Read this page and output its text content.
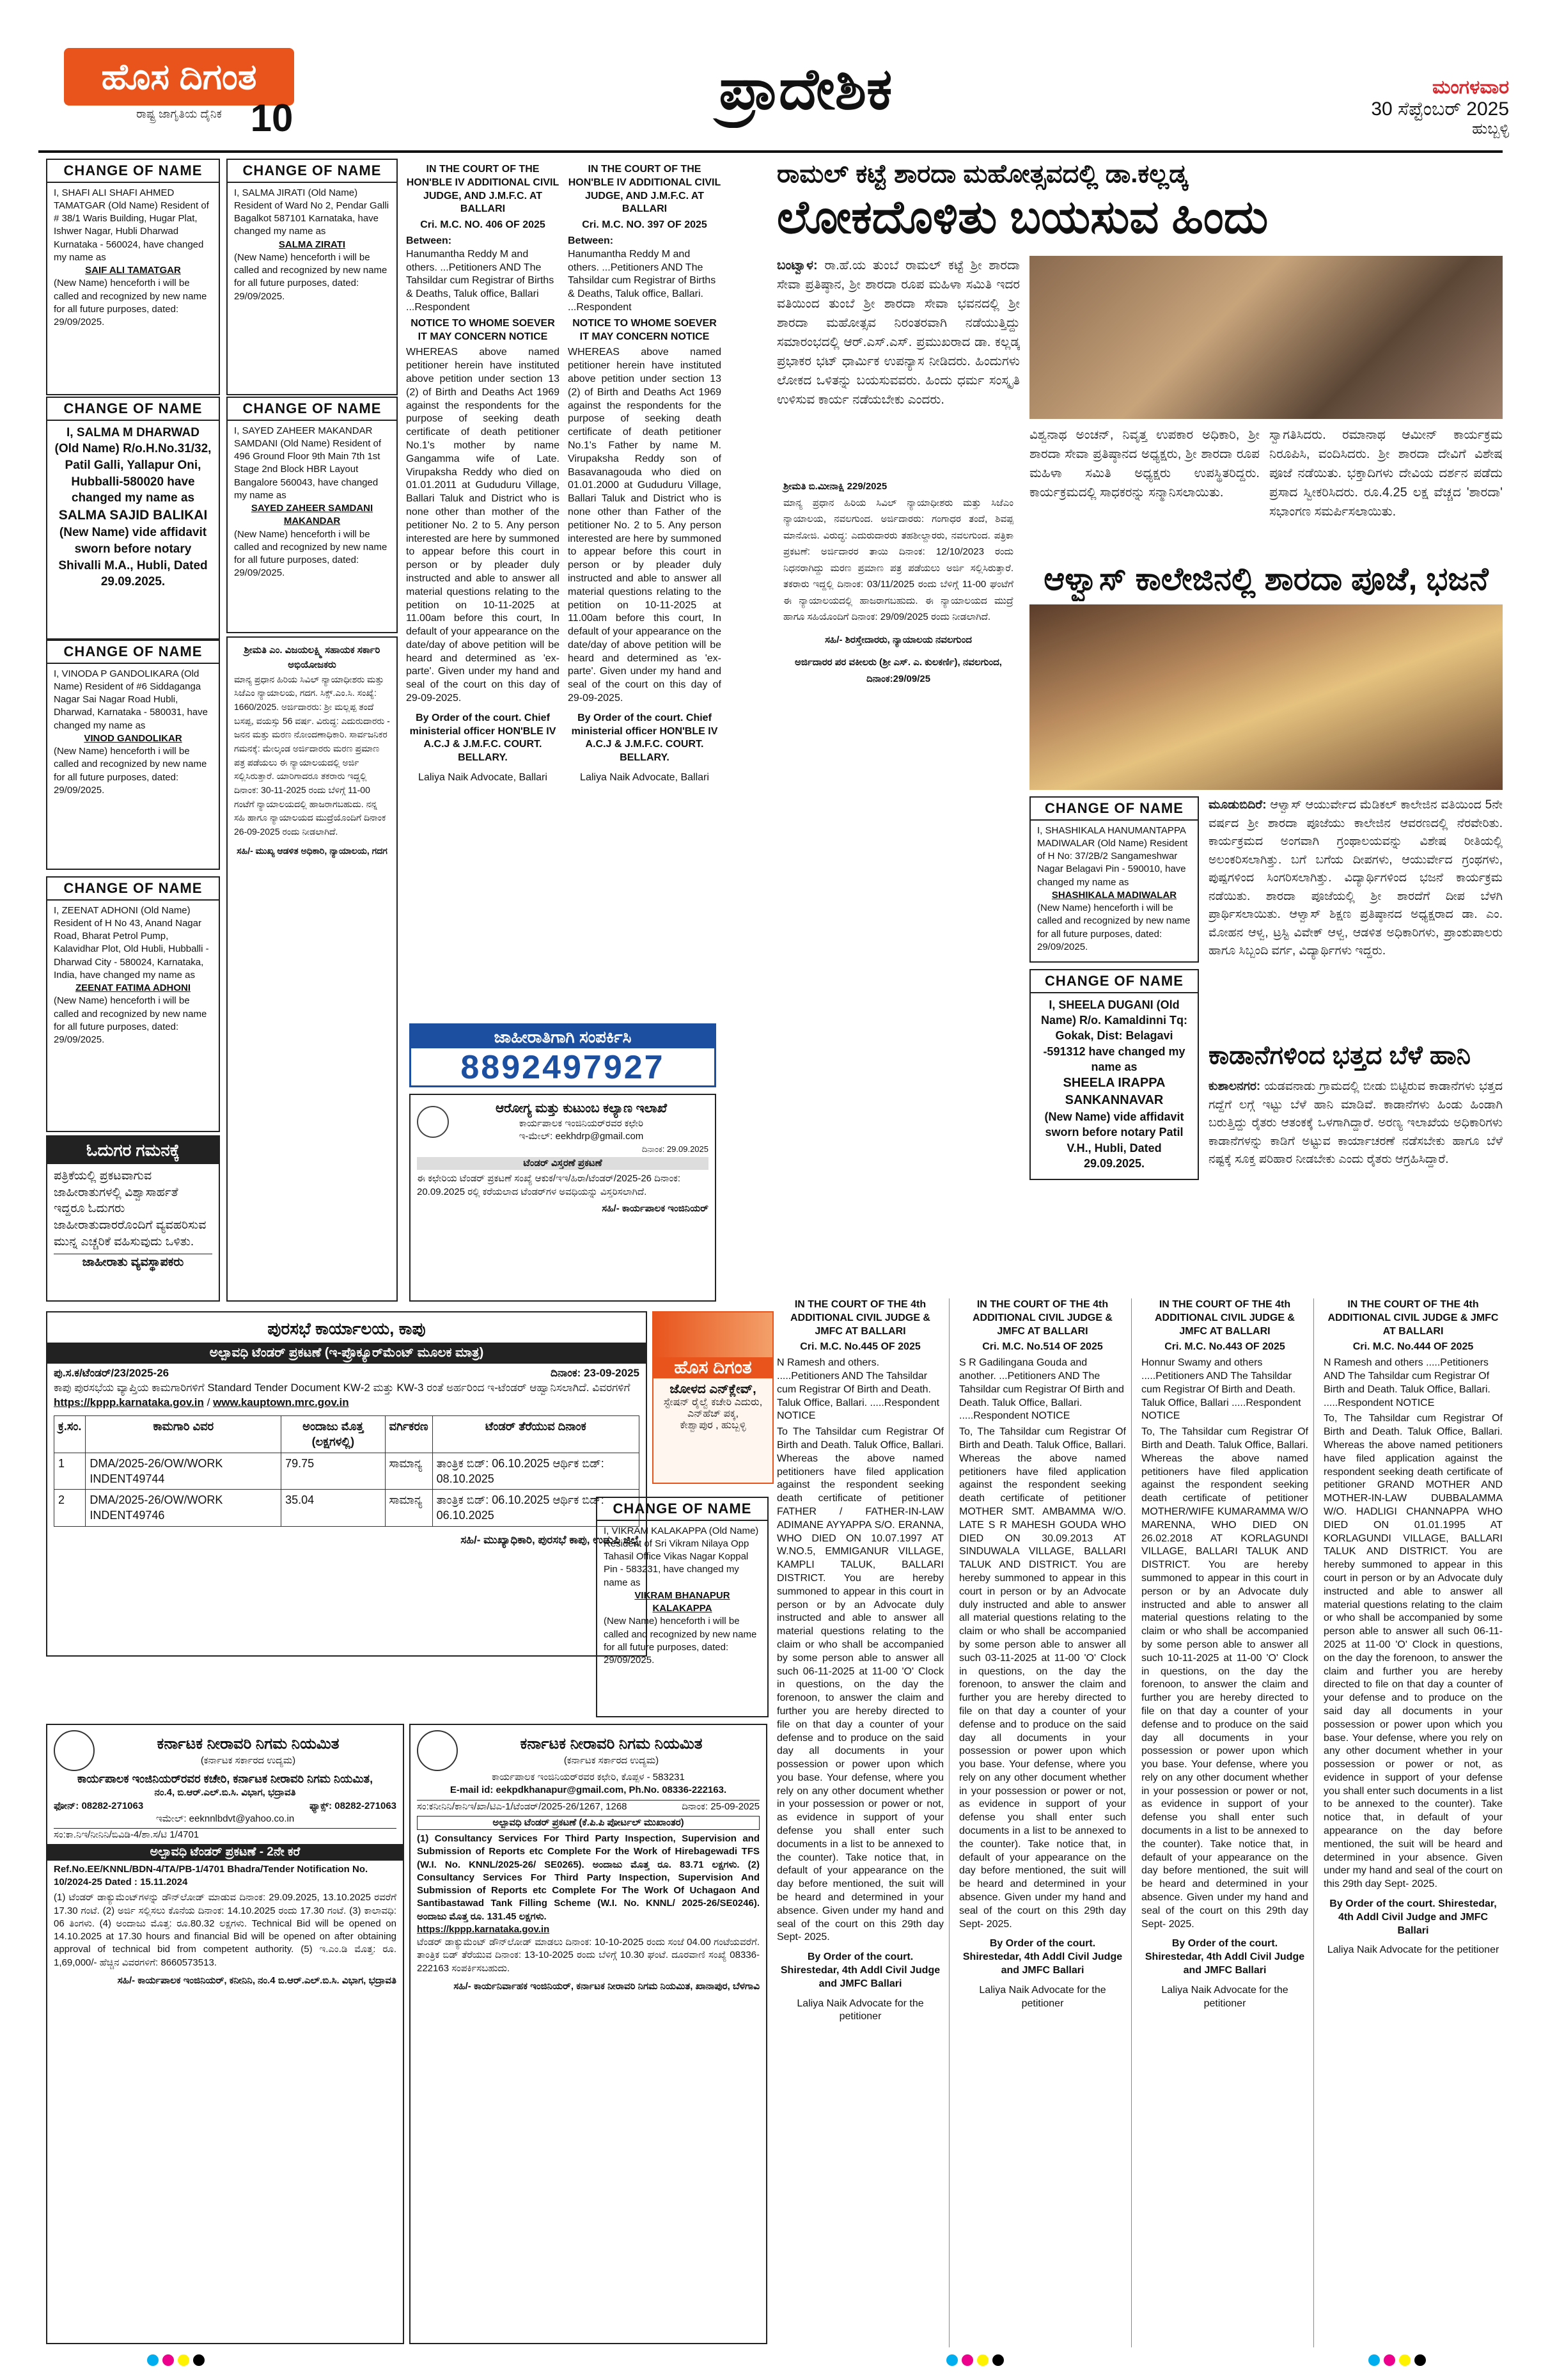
ಹೊಸ ದಿಗಂತ
ರಾಷ್ಟ್ರ ಜಾಗೃತಿಯ ದೈನಿಕ 10	ಪ್ರಾದೇಶಿಕ	ಮಂಗಳವಾರ
30 ಸೆಪ್ಟೆಂಬರ್ 2025
ಹುಬ್ಬಳ್ಳಿ
CHANGE OF NAME
I, SHAFI ALI SHAFI AHMED TAMATGAR (Old Name) Resident of # 38/1 Waris Building, Hugar Plat, Ishwer Nagar, Hubli Dharwad Kurnataka - 560024, have changed my name as
SAIF ALI TAMATGAR
(New Name) henceforth i will be called and recognized by new name for all future purposes, dated: 29/09/2025.
CHANGE OF NAME
I, SALMA M DHARWAD (Old Name) R/o.H.No.31/32, Patil Galli, Yallapur Oni, Hubballi-580020 have changed my name as
SALMA SAJID BALIKAI
(New Name) vide affidavit sworn before notary Shivalli M.A., Hubli, Dated 29.09.2025.
CHANGE OF NAME
I, VINODA P GANDOLIKARA (Old Name) Resident of #6 Siddaganga Nagar Sai Nagar Road Hubli, Dharwad, Karnataka - 580031, have changed my name as
VINOD GANDOLIKAR
(New Name) henceforth i will be called and recognized by new name for all future purposes, dated: 29/09/2025.
CHANGE OF NAME
I, ZEENAT ADHONI (Old Name) Resident of H No 43, Anand Nagar Road, Bharat Petrol Pump, Kalavidhar Plot, Old Hubli, Hubballi - Dharwad City - 580024, Karnataka, India, have changed my name as
ZEENAT FATIMA ADHONI
(New Name) henceforth i will be called and recognized by new name for all future purposes, dated: 29/09/2025.
ಓದುಗರ ಗಮನಕ್ಕೆ
ಪತ್ರಿಕೆಯಲ್ಲಿ ಪ್ರಕಟವಾಗುವ ಜಾಹೀರಾತುಗಳಲ್ಲಿ ವಿಶ್ವಾಸಾರ್ಹತೆ ಇದ್ದರೂ ಓದುಗರು ಜಾಹೀರಾತುದಾರರೊಂದಿಗೆ ವ್ಯವಹರಿಸುವ ಮುನ್ನ ಎಚ್ಚರಿಕೆ ವಹಿಸುವುದು ಒಳಿತು.
ಜಾಹೀರಾತು ವ್ಯವಸ್ಥಾಪಕರು
CHANGE OF NAME
I, SALMA JIRATI (Old Name) Resident of Ward No 2, Pendar Galli Bagalkot 587101 Karnataka, have changed my name as
SALMA ZIRATI
(New Name) henceforth i will be called and recognized by new name for all future purposes, dated: 29/09/2025.
CHANGE OF NAME
I, SAYED ZAHEER MAKANDAR SAMDANI (Old Name) Resident of 496 Ground Floor 9th Main 7th 1st Stage 2nd Block HBR Layout Bangalore 560043, have changed my name as
SAYED ZAHEER SAMDANI MAKANDAR
(New Name) henceforth i will be called and recognized by new name for all future purposes, dated: 29/09/2025.
ಶ್ರೀಮತಿ ಎಂ. ವಿಜಯಲಕ್ಷ್ಮಿ ಸಹಾಯಕ ಸರ್ಕಾರಿ ಅಭಿಯೋಜಕರು
ಮಾನ್ಯ ಪ್ರಧಾನ ಹಿರಿಯ ಸಿವಿಲ್ ನ್ಯಾಯಾಧೀಶರು ಮತ್ತು ಸಿಜೆಎಂ ನ್ಯಾಯಾಲಯ, ಗದಗ. ಸಿಕ್ಸ್.ಎಂ.ಸಿ. ಸಂಖ್ಯೆ: 1660/2025. ಅರ್ಜಿದಾರರು: ಶ್ರೀ ಮಲ್ಲಪ್ಪ ತಂದೆ ಬಸಪ್ಪ, ವಯಸ್ಸು 56 ವರ್ಷ. ವಿರುದ್ಧ: ಎದುರುದಾರರು - ಜನನ ಮತ್ತು ಮರಣ ನೋಂದಣಾಧಿಕಾರಿ. ಸಾರ್ವಜನಿಕರ ಗಮನಕ್ಕೆ: ಮೇಲ್ಕಂಡ ಅರ್ಜಿದಾರರು ಮರಣ ಪ್ರಮಾಣ ಪತ್ರ ಪಡೆಯಲು ಈ ನ್ಯಾಯಾಲಯದಲ್ಲಿ ಅರ್ಜಿ ಸಲ್ಲಿಸಿರುತ್ತಾರೆ. ಯಾರಿಗಾದರೂ ತಕರಾರು ಇದ್ದಲ್ಲಿ ದಿನಾಂಕ: 30-11-2025 ರಂದು ಬೆಳಿಗ್ಗೆ 11-00 ಗಂಟೆಗೆ ನ್ಯಾಯಾಲಯದಲ್ಲಿ ಹಾಜರಾಗಬಹುದು. ನನ್ನ ಸಹಿ ಹಾಗೂ ನ್ಯಾಯಾಲಯದ ಮುದ್ರೆಯೊಂದಿಗೆ ದಿನಾಂಕ 26-09-2025 ರಂದು ನೀಡಲಾಗಿದೆ.
ಸಹಿ/- ಮುಖ್ಯ ಆಡಳಿತ ಅಧಿಕಾರಿ, ನ್ಯಾಯಾಲಯ, ಗದಗ
IN THE COURT OF THE HON'BLE IV ADDITIONAL CIVIL JUDGE, AND J.M.F.C. AT BALLARI
Cri. M.C. NO. 406 OF 2025
Between:
Hanumantha Reddy M and others. ...Petitioners AND The Tahsildar cum Registrar of Births & Deaths, Taluk office, Ballari ...Respondent
NOTICE TO WHOME SOEVER IT MAY CONCERN NOTICE
WHEREAS above named petitioner herein have instituted above petition under section 13 (2) of Birth and Deaths Act 1969 against the respondents for the purpose of seeking death certificate of death petitioner No.1's mother by name Gangamma wife of Late. Virupaksha Reddy who died on 01.01.2011 at Gududuru Village, Ballari Taluk and District who is none other than mother of the petitioner No. 2 to 5. Any person interested are here by summoned to appear before this court in person or by pleader duly instructed and able to answer all material questions relating to the petition on 10-11-2025 at 11.00am before this court, In default of your appearance on the date/day of above petition will be heard and determined as 'ex-parte'. Given under my hand and seal of the court on this day of 29-09-2025.
By Order of the court. Chief ministerial officer HON'BLE IV A.C.J & J.M.F.C. COURT. BELLARY.
Laliya Naik Advocate, Ballari
IN THE COURT OF THE HON'BLE IV ADDITIONAL CIVIL JUDGE, AND J.M.F.C. AT BALLARI
Cri. M.C. NO. 397 OF 2025
Between:
Hanumantha Reddy M and others. ...Petitioners AND The Tahsildar cum Registrar of Births & Deaths, Taluk office, Ballari. ...Respondent
NOTICE TO WHOME SOEVER IT MAY CONCERN NOTICE
WHEREAS above named petitioner herein have instituted above petition under section 13 (2) of Birth and Deaths Act 1969 against the respondents for the purpose of seeking death certificate of death petitioner No.1's Father by name M. Virupaksha Reddy son of Basavanagouda who died on 01.01.2000 at Gududuru Village, Ballari Taluk and District who is none other than Father of the petitioner No. 2 to 5. Any person interested are here by summoned to appear before this court in person or by pleader duly instructed and able to answer all material questions relating to the petition on 10-11-2025 at 11.00am before this court, In default of your appearance on the date/day of above petition will be heard and determined as 'ex-parte'. Given under my hand and seal of the court on this day of 29-09-2025.
By Order of the court. Chief ministerial officer HON'BLE IV A.C.J & J.M.F.C. COURT. BELLARY.
Laliya Naik Advocate, Ballari
ಜಾಹೀರಾತಿಗಾಗಿ ಸಂಪರ್ಕಿಸಿ
8892497927
ಆರೋಗ್ಯ ಮತ್ತು ಕುಟುಂಬ ಕಲ್ಯಾಣ ಇಲಾಖೆ
ಕಾರ್ಯಪಾಲಕ ಇಂಜಿನಿಯರ್‌ರವರ ಕಛೇರಿ
ಇ-ಮೇಲ್: eekhdrp@gmail.com
ದಿನಾಂಕ: 29.09.2025
ಟೆಂಡರ್ ವಿಸ್ತರಣೆ ಪ್ರಕಟಣೆ
ಈ ಕಛೇರಿಯ ಟೆಂಡರ್ ಪ್ರಕಟಣೆ ಸಂಖ್ಯೆ ಆಕುಕ/ಇಇ/ಹಿರಾ/ಟೆಂಡರ್/2025-26 ದಿನಾಂಕ: 20.09.2025 ರಲ್ಲಿ ಕರೆಯಲಾದ ಟೆಂಡರ್‌ಗಳ ಅವಧಿಯನ್ನು ವಿಸ್ತರಿಸಲಾಗಿದೆ.
ಸಹಿ/- ಕಾರ್ಯಪಾಲಕ ಇಂಜಿನಿಯರ್
ಪುರಸಭೆ ಕಾರ್ಯಾಲಯ, ಕಾಪು
ಅಲ್ಪಾವಧಿ ಟೆಂಡರ್ ಪ್ರಕಟಣೆ (ಇ-ಪ್ರೊಕ್ಯೂರ್‌ಮೆಂಟ್ ಮೂಲಕ ಮಾತ್ರ)
ಪು.ಸ.ಕ/ಟೆಂಡರ್/23/2025-26	ದಿನಾಂಕ: 23-09-2025
ಕಾಪು ಪುರಸಭೆಯ ವ್ಯಾಪ್ತಿಯ ಕಾಮಗಾರಿಗಳಿಗೆ Standard Tender Document KW-2 ಮತ್ತು KW-3 ರಂತೆ ಅರ್ಹರಿಂದ ಇ-ಟೆಂಡರ್ ಆಹ್ವಾನಿಸಲಾಗಿದೆ. ವಿವರಗಳಿಗೆ https://kppp.karnataka.gov.in / www.kauptown.mrc.gov.in
ಕ್ರ.ಸಂ.	ಕಾಮಗಾರಿ ವಿವರ	ಅಂದಾಜು ಮೊತ್ತ (ಲಕ್ಷಗಳಲ್ಲಿ)	ವರ್ಗಿಕರಣ	ಟೆಂಡರ್ ತೆರೆಯುವ ದಿನಾಂಕ
1	DMA/2025-26/OW/WORK INDENT49744	79.75	ಸಾಮಾನ್ಯ	ತಾಂತ್ರಿಕ ಬಿಡ್: 06.10.2025 ಆರ್ಥಿಕ ಬಿಡ್: 08.10.2025
2	DMA/2025-26/OW/WORK INDENT49746	35.04	ಸಾಮಾನ್ಯ	ತಾಂತ್ರಿಕ ಬಿಡ್: 06.10.2025 ಆರ್ಥಿಕ ಬಿಡ್: 06.10.2025
ಸಹಿ/- ಮುಖ್ಯಾಧಿಕಾರಿ, ಪುರಸಭೆ ಕಾಪು, ಉಡುಪಿ ಜಿಲ್ಲೆ
ಹೊಸ ದಿಗಂತ
ಜೋಳದ ಎನ್‌ಕ್ಲೇವ್,
ಸ್ಟೇಷನ್ ರೈಲ್ವೆ ಕಚೇರಿ ಎದುರು, ಎನ್‌ಹೆಚ್ ಪಕ್ಕ,
ಕೇಶ್ವಾಪುರ , ಹುಬ್ಬಳ್ಳಿ
CHANGE OF NAME
I, VIKRAM KALAKAPPA (Old Name) Resident of Sri Vikram Nilaya Opp Tahasil Office Vikas Nagar Koppal Pin - 583231, have changed my name as
VIKRAM BHANAPUR KALAKAPPA
(New Name) henceforth i will be called and recognized by new name for all future purposes, dated: 29/09/2025.
ಕರ್ನಾಟಕ ನೀರಾವರಿ ನಿಗಮ ನಿಯಮಿತ
(ಕರ್ನಾಟಕ ಸರ್ಕಾರದ ಉದ್ಯಮ)
ಕಾರ್ಯಪಾಲಕ ಇಂಜಿನಿಯರ್‌ರವರ ಕಚೇರಿ, ಕರ್ನಾಟಕ ನೀರಾವರಿ ನಿಗಮ ನಿಯಮಿತ,
ನಂ.4, ಬಿ.ಆರ್.ಎಲ್.ಬಿ.ಸಿ. ವಿಭಾಗ, ಭದ್ರಾವತಿ
ಫೋನ್: 08282-271063	ಫ್ಯಾಕ್ಸ್: 08282-271063
ಇಮೇಲ್: eeknnlbdvt@yahoo.co.in
ಸಂ:ಕಾ.ನಿಇ/ನೀನಿನಿ/ಬಿವಿಡಿ-4/ಶಾ.ಸ/ಟಿ 1/4701
ಅಲ್ಪಾವಧಿ ಟೆಂಡರ್ ಪ್ರಕಟಣೆ - 2ನೇ ಕರೆ
Ref.No.EE/KNNL/BDN-4/TA/PB-1/4701 Bhadra/Tender Notification No. 10/2024-25 Dated : 15.11.2024
(1) ಟೆಂಡರ್ ಡಾಕ್ಯುಮೆಂಟ್‌ಗಳನ್ನು ಡೌನ್‌ಲೋಡ್ ಮಾಡುವ ದಿನಾಂಕ: 29.09.2025, 13.10.2025 ರವರೆಗೆ 17.30 ಗಂಟೆ. (2) ಅರ್ಜಿ ಸಲ್ಲಿಸಲು ಕೊನೆಯ ದಿನಾಂಕ: 14.10.2025 ರಂದು 17.30 ಗಂಟೆ. (3) ಕಾಲಾವಧಿ: 06 ತಿಂಗಳು. (4) ಅಂದಾಜು ಮೊತ್ತ: ರೂ.80.32 ಲಕ್ಷಗಳು. Technical Bid will be opened on 14.10.2025 at 17.30 hours and financial Bid will be opened on after obtaining approval of technical bid from competent authority. (5) ಇ.ಎಂ.ಡಿ ಮೊತ್ತ: ರೂ. 1,69,000/- ಹೆಚ್ಚಿನ ವಿವರಗಳಿಗೆ: 8660573513.
ಸಹಿ/- ಕಾರ್ಯಪಾಲಕ ಇಂಜಿನಿಯರ್, ಕನೀನಿನಿ, ನಂ.4 ಬಿ.ಆರ್.ಎಲ್.ಬಿ.ಸಿ. ವಿಭಾಗ, ಭದ್ರಾವತಿ
ಕರ್ನಾಟಕ ನೀರಾವರಿ ನಿಗಮ ನಿಯಮಿತ
(ಕರ್ನಾಟಕ ಸರ್ಕಾರದ ಉದ್ಯಮ)
ಕಾರ್ಯಪಾಲಕ ಇಂಜಿನಿಯರ್‌ರವರ ಕಛೇರಿ, ಕೊಪ್ಪಳ - 583231
E-mail id: eekpdkhanapur@gmail.com, Ph.No. 08336-222163.
ಸಂ:ಕನೀನಿನಿ/ಕಾನಿಇ/ಖಾ/ಟಿಎ-1/ಟೆಂಡರ್/2025-26/1267, 1268	ದಿನಾಂಕ: 25-09-2025
ಅಲ್ಪಾವಧಿ ಟೆಂಡರ್ ಪ್ರಕಟಣೆ (ಕೆ.ಪಿ.ಪಿ ಪೋರ್ಟಲ್ ಮುಖಾಂತರ)
(1) Consultancy Services For Third Party Inspection, Supervision and Submission of Reports etc Complete For the Work of Hirebagewadi TFS (W.I. No. KNNL/2025-26/ SE0265). ಅಂದಾಜು ಮೊತ್ತ ರೂ. 83.71 ಲಕ್ಷಗಳು. (2) Consultancy Services For Third Party Inspection, Supervision And Submission of Reports etc Complete For The Work Of Uchagaon And Santibastawad Tank Filling Scheme (W.I. No. KNNL/ 2025-26/SE0246). ಅಂದಾಜು ಮೊತ್ತ ರೂ. 131.45 ಲಕ್ಷಗಳು.
https://kppp.karnataka.gov.in
ಟೆಂಡರ್ ಡಾಕ್ಯುಮೆಂಟ್ ಡೌನ್‌ಲೋಡ್ ಮಾಡಲು ದಿನಾಂಕ: 10-10-2025 ರಂದು ಸಂಜೆ 04.00 ಗಂಟೆಯವರೆಗೆ. ತಾಂತ್ರಿಕ ಬಿಡ್ ತೆರೆಯುವ ದಿನಾಂಕ: 13-10-2025 ರಂದು ಬೆಳಿಗ್ಗೆ 10.30 ಘಂಟೆ. ದೂರವಾಣಿ ಸಂಖ್ಯೆ 08336-222163 ಸಂಪರ್ಕಿಸಬಹುದು.
ಸಹಿ/- ಕಾರ್ಯನಿರ್ವಾಹಕ ಇಂಜಿನಿಯರ್, ಕರ್ನಾಟಕ ನೀರಾವರಿ ನಿಗಮ ನಿಯಮಿತ, ಖಾನಾಪುರ, ಬೆಳಗಾವಿ
ರಾಮಲ್ ಕಟ್ಟೆ ಶಾರದಾ ಮಹೋತ್ಸವದಲ್ಲಿ ಡಾ.ಕಲ್ಲಡ್ಕ
ಲೋಕದೊಳಿತು ಬಯಸುವ ಹಿಂದು
ಬಂಟ್ವಾಳ: ರಾ.ಹೆ.ಯ ತುಂಬೆ ರಾಮಲ್ ಕಟ್ಟೆ ಶ್ರೀ ಶಾರದಾ ಸೇವಾ ಪ್ರತಿಷ್ಠಾನ, ಶ್ರೀ ಶಾರದಾ ರೂಪ ಮಹಿಳಾ ಸಮಿತಿ ಇದರ ವತಿಯಿಂದ ತುಂಬೆ ಶ್ರೀ ಶಾರದಾ ಸೇವಾ ಭವನದಲ್ಲಿ ಶ್ರೀ ಶಾರದಾ ಮಹೋತ್ಸವ ನಿರಂತರವಾಗಿ ನಡೆಯುತ್ತಿದ್ದು ಸಮಾರಂಭದಲ್ಲಿ ಆರ್.ಎಸ್.ಎಸ್. ಪ್ರಮುಖರಾದ ಡಾ. ಕಲ್ಲಡ್ಕ ಪ್ರಭಾಕರ ಭಟ್ ಧಾರ್ಮಿಕ ಉಪನ್ಯಾಸ ನೀಡಿದರು. ಹಿಂದುಗಳು ಲೋಕದ ಒಳಿತನ್ನು ಬಯಸುವವರು. ಹಿಂದು ಧರ್ಮ ಸಂಸ್ಕೃತಿ ಉಳಿಸುವ ಕಾರ್ಯ ನಡೆಯಬೇಕು ಎಂದರು.
ವಿಶ್ವನಾಥ ಅಂಚನ್, ನಿವೃತ್ತ ಉಪಕಾರ ಅಧಿಕಾರಿ, ಶ್ರೀ ಶಾರದಾ ಸೇವಾ ಪ್ರತಿಷ್ಠಾನದ ಅಧ್ಯಕ್ಷರು, ಶ್ರೀ ಶಾರದಾ ರೂಪ ಮಹಿಳಾ ಸಮಿತಿ ಅಧ್ಯಕ್ಷರು ಉಪಸ್ಥಿತರಿದ್ದರು. ಕಾರ್ಯಕ್ರಮದಲ್ಲಿ ಸಾಧಕರನ್ನು ಸನ್ಮಾನಿಸಲಾಯಿತು.
ಸ್ವಾಗತಿಸಿದರು. ರಮಾನಾಥ ಆಮೀನ್ ಕಾರ್ಯಕ್ರಮ ನಿರೂಪಿಸಿ, ವಂದಿಸಿದರು. ಶ್ರೀ ಶಾರದಾ ದೇವಿಗೆ ವಿಶೇಷ ಪೂಜೆ ನಡೆಯಿತು. ಭಕ್ತಾದಿಗಳು ದೇವಿಯ ದರ್ಶನ ಪಡೆದು ಪ್ರಸಾದ ಸ್ವೀಕರಿಸಿದರು. ರೂ.4.25 ಲಕ್ಷ ವೆಚ್ಚದ 'ಶಾರದಾ' ಸಭಾಂಗಣ ಸಮರ್ಪಿಸಲಾಯಿತು.
ಶ್ರೀಮತಿ ಬಿ.ಮೀನಾಕ್ಷಿ 229/2025
ಮಾನ್ಯ ಪ್ರಧಾನ ಹಿರಿಯ ಸಿವಿಲ್ ನ್ಯಾಯಾಧೀಶರು ಮತ್ತು ಸಿಜೆಎಂ ನ್ಯಾಯಾಲಯ, ನವಲಗುಂದ. ಅರ್ಜಿದಾರರು: ಗಂಗಾಧರ ತಂದೆ, ಶಿವಪ್ಪ ಮಾನೋಜಿ. ವಿರುದ್ಧ: ಎದುರುದಾರರು ತಹಶೀಲ್ದಾರರು, ನವಲಗುಂದ. ಪತ್ರಿಕಾ ಪ್ರಕಟಣೆ: ಅರ್ಜಿದಾರರ ತಾಯಿ ದಿನಾಂಕ: 12/10/2023 ರಂದು ನಿಧನರಾಗಿದ್ದು ಮರಣ ಪ್ರಮಾಣ ಪತ್ರ ಪಡೆಯಲು ಅರ್ಜಿ ಸಲ್ಲಿಸಿರುತ್ತಾರೆ. ತಕರಾರು ಇದ್ದಲ್ಲಿ ದಿನಾಂಕ: 03/11/2025 ರಂದು ಬೆಳಿಗ್ಗೆ 11-00 ಘಂಟೆಗೆ ಈ ನ್ಯಾಯಾಲಯದಲ್ಲಿ ಹಾಜರಾಗಬಹುದು. ಈ ನ್ಯಾಯಾಲಯದ ಮುದ್ರೆ ಹಾಗೂ ಸಹಿಯೊಂದಿಗೆ ದಿನಾಂಕ: 29/09/2025 ರಂದು ನೀಡಲಾಗಿದೆ.
ಸಹಿ/- ಶಿರಸ್ತೇದಾರರು, ನ್ಯಾಯಾಲಯ ನವಲಗುಂದ
ಅರ್ಜಿದಾರರ ಪರ ವಕೀಲರು (ಶ್ರೀ ಎಸ್. ಎ. ಕುಲಕರ್ಣಿ), ನವಲಗುಂದ, ದಿನಾಂಕ:29/09/25
ಆಳ್ವಾಸ್ ಕಾಲೇಜಿನಲ್ಲಿ ಶಾರದಾ ಪೂಜೆ, ಭಜನೆ
CHANGE OF NAME
I, SHASHIKALA HANUMANTAPPA MADIWALAR (Old Name) Resident of H No: 37/2B/2 Sangameshwar Nagar Belagavi Pin - 590010, have changed my name as
SHASHIKALA MADIWALAR
(New Name) henceforth i will be called and recognized by new name for all future purposes, dated: 29/09/2025.
CHANGE OF NAME
I, SHEELA DUGANI (Old Name) R/o. Kamaldinni Tq: Gokak, Dist: Belagavi -591312 have changed my name as
SHEELA IRAPPA SANKANNAVAR
(New Name) vide affidavit sworn before notary Patil V.H., Hubli, Dated 29.09.2025.
ಮೂಡುಬಿದಿರೆ: ಆಳ್ವಾಸ್ ಆಯುರ್ವೇದ ಮೆಡಿಕಲ್ ಕಾಲೇಜಿನ ವತಿಯಿಂದ 5ನೇ ವರ್ಷದ ಶ್ರೀ ಶಾರದಾ ಪೂಜೆಯು ಕಾಲೇಜಿನ ಆವರಣದಲ್ಲಿ ನೆರವೇರಿತು. ಕಾರ್ಯಕ್ರಮದ ಅಂಗವಾಗಿ ಗ್ರಂಥಾಲಯವನ್ನು ವಿಶೇಷ ರೀತಿಯಲ್ಲಿ ಅಲಂಕರಿಸಲಾಗಿತ್ತು. ಬಗೆ ಬಗೆಯ ದೀಪಗಳು, ಆಯುರ್ವೇದ ಗ್ರಂಥಗಳು, ಪುಷ್ಪಗಳಿಂದ ಸಿಂಗರಿಸಲಾಗಿತ್ತು. ವಿದ್ಯಾರ್ಥಿಗಳಿಂದ ಭಜನೆ ಕಾರ್ಯಕ್ರಮ ನಡೆಯಿತು. ಶಾರದಾ ಪೂಜೆಯಲ್ಲಿ ಶ್ರೀ ಶಾರದೆಗೆ ದೀಪ ಬೆಳಗಿ ಪ್ರಾರ್ಥಿಸಲಾಯಿತು. ಆಳ್ವಾಸ್ ಶಿಕ್ಷಣ ಪ್ರತಿಷ್ಠಾನದ ಅಧ್ಯಕ್ಷರಾದ ಡಾ. ಎಂ. ಮೋಹನ ಆಳ್ವ, ಟ್ರಸ್ಟಿ ವಿವೇಕ್ ಆಳ್ವ, ಆಡಳಿತ ಅಧಿಕಾರಿಗಳು, ಪ್ರಾಂಶುಪಾಲರು ಹಾಗೂ ಸಿಬ್ಬಂದಿ ವರ್ಗ, ವಿದ್ಯಾರ್ಥಿಗಳು ಇದ್ದರು.
ಕಾಡಾನೆಗಳಿಂದ ಭತ್ತದ ಬೆಳೆ ಹಾನಿ
ಕುಶಾಲನಗರ: ಯಡವನಾಡು ಗ್ರಾಮದಲ್ಲಿ ಬೀಡು ಬಿಟ್ಟಿರುವ ಕಾಡಾನೆಗಳು ಭತ್ತದ ಗದ್ದೆಗೆ ಲಗ್ಗೆ ಇಟ್ಟು ಬೆಳೆ ಹಾನಿ ಮಾಡಿವೆ. ಕಾಡಾನೆಗಳು ಹಿಂಡು ಹಿಂಡಾಗಿ ಬರುತ್ತಿದ್ದು ರೈತರು ಆತಂಕಕ್ಕೆ ಒಳಗಾಗಿದ್ದಾರೆ. ಅರಣ್ಯ ಇಲಾಖೆಯ ಅಧಿಕಾರಿಗಳು ಕಾಡಾನೆಗಳನ್ನು ಕಾಡಿಗೆ ಅಟ್ಟುವ ಕಾರ್ಯಾಚರಣೆ ನಡೆಸಬೇಕು ಹಾಗೂ ಬೆಳೆ ನಷ್ಟಕ್ಕೆ ಸೂಕ್ತ ಪರಿಹಾರ ನೀಡಬೇಕು ಎಂದು ರೈತರು ಆಗ್ರಹಿಸಿದ್ದಾರೆ.
IN THE COURT OF THE 4th ADDITIONAL CIVIL JUDGE & JMFC AT BALLARI
Cri. M.C. No.445 OF 2025
N Ramesh and others. .....Petitioners AND The Tahsildar cum Registrar Of Birth and Death. Taluk Office, Ballari. .....Respondent NOTICE
To The Tahsildar cum Registrar Of Birth and Death. Taluk Office, Ballari. Whereas the above named petitioners have filed application against the respondent seeking death certificate of petitioner FATHER / FATHER-IN-LAW ADIMANE AYYAPPA S/O. ERANNA, WHO DIED ON 10.07.1997 AT W.NO.5, EMMIGANUR VILLAGE, KAMPLI TALUK, BALLARI DISTRICT. You are hereby summoned to appear in this court in person or by an Advocate duly instructed and able to answer all material questions relating to the claim or who shall be accompanied by some person able to answer all such 06-11-2025 at 11-00 'O' Clock in questions, on the day the forenoon, to answer the claim and further you are hereby directed to file on that day a counter of your defense and to produce on the said day all documents in your possession or power upon which you base. Your defense, where you rely on any other document whether in your possession or power or not, as evidence in support of your defense you shall enter such documents in a list to be annexed to the counter). Take notice that, in default of your appearance on the day before mentioned, the suit will be heard and determined in your absence. Given under my hand and seal of the court on this 29th day Sept- 2025.
By Order of the court. Shirestedar, 4th Addl Civil Judge and JMFC Ballari
Laliya Naik Advocate for the petitioner
IN THE COURT OF THE 4th ADDITIONAL CIVIL JUDGE & JMFC AT BALLARI
Cri. M.C. No.514 OF 2025
S R Gadilingana Gouda and another. ...Petitioners AND The Tahsildar cum Registrar Of Birth and Death. Taluk Office, Ballari. .....Respondent NOTICE
To, The Tahsildar cum Registrar Of Birth and Death. Taluk Office, Ballari. Whereas the above named petitioners have filed application against the respondent seeking death certificate of petitioner MOTHER SMT. AMBAMMA W/O. LATE S R MAHESH GOUDA WHO DIED ON 30.09.2013 AT SINDUWALA VILLAGE, BALLARI TALUK AND DISTRICT. You are hereby summoned to appear in this court in person or by an Advocate duly instructed and able to answer all material questions relating to the claim or who shall be accompanied by some person able to answer all such 03-11-2025 at 11-00 'O' Clock in questions, on the day the forenoon, to answer the claim and further you are hereby directed to file on that day a counter of your defense and to produce on the said day all documents in your possession or power upon which you base. Your defense, where you rely on any other document whether in your possession or power or not, as evidence in support of your defense you shall enter such documents in a list to be annexed to the counter). Take notice that, in default of your appearance on the day before mentioned, the suit will be heard and determined in your absence. Given under my hand and seal of the court on this 29th day Sept- 2025.
By Order of the court. Shirestedar, 4th Addl Civil Judge and JMFC Ballari
Laliya Naik Advocate for the petitioner
IN THE COURT OF THE 4th ADDITIONAL CIVIL JUDGE & JMFC AT BALLARI
Cri. M.C. No.443 OF 2025
Honnur Swamy and others .....Petitioners AND The Tahsildar cum Registrar Of Birth and Death. Taluk Office, Ballari .....Respondent NOTICE
To, The Tahsildar cum Registrar Of Birth and Death. Taluk Office, Ballari. Whereas the above named petitioners have filed application against the respondent seeking death certificate of petitioner MOTHER/WIFE KUMARAMMA W/O MARENNA, WHO DIED ON 26.02.2018 AT KORLAGUNDI VILLAGE, BALLARI TALUK AND DISTRICT. You are hereby summoned to appear in this court in person or by an Advocate duly instructed and able to answer all material questions relating to the claim or who shall be accompanied by some person able to answer all such 10-11-2025 at 11-00 'O' Clock in questions, on the day the forenoon, to answer the claim and further you are hereby directed to file on that day a counter of your defense and to produce on the said day all documents in your possession or power upon which you base. Your defense, where you rely on any other document whether in your possession or power or not, as evidence in support of your defense you shall enter such documents in a list to be annexed to the counter). Take notice that, in default of your appearance on the day before mentioned, the suit will be heard and determined in your absence. Given under my hand and seal of the court on this 29th day Sept- 2025.
By Order of the court. Shirestedar, 4th Addl Civil Judge and JMFC Ballari
Laliya Naik Advocate for the petitioner
IN THE COURT OF THE 4th ADDITIONAL CIVIL JUDGE & JMFC AT BALLARI
Cri. M.C. No.444 OF 2025
N Ramesh and others .....Petitioners AND The Tahsildar cum Registrar Of Birth and Death. Taluk Office, Ballari. .....Respondent NOTICE
To, The Tahsildar cum Registrar Of Birth and Death. Taluk Office, Ballari. Whereas the above named petitioners have filed application against the respondent seeking death certificate of petitioner GRAND MOTHER AND MOTHER-IN-LAW DUBBALAMMA W/O. HADLIGI CHANNAPPA WHO DIED ON 01.01.1995 AT KORLAGUNDI VILLAGE, BALLARI TALUK AND DISTRICT. You are hereby summoned to appear in this court in person or by an Advocate duly instructed and able to answer all material questions relating to the claim or who shall be accompanied by some person able to answer all such 06-11-2025 at 11-00 'O' Clock in questions, on the day the forenoon, to answer the claim and further you are hereby directed to file on that day a counter of your defense and to produce on the said day all documents in your possession or power upon which you base. Your defense, where you rely on any other document whether in your possession or power or not, as evidence in support of your defense you shall enter such documents in a list to be annexed to the counter). Take notice that, in default of your appearance on the day before mentioned, the suit will be heard and determined in your absence. Given under my hand and seal of the court on this 29th day Sept- 2025.
By Order of the court. Shirestedar, 4th Addl Civil Judge and JMFC Ballari
Laliya Naik Advocate for the petitioner
